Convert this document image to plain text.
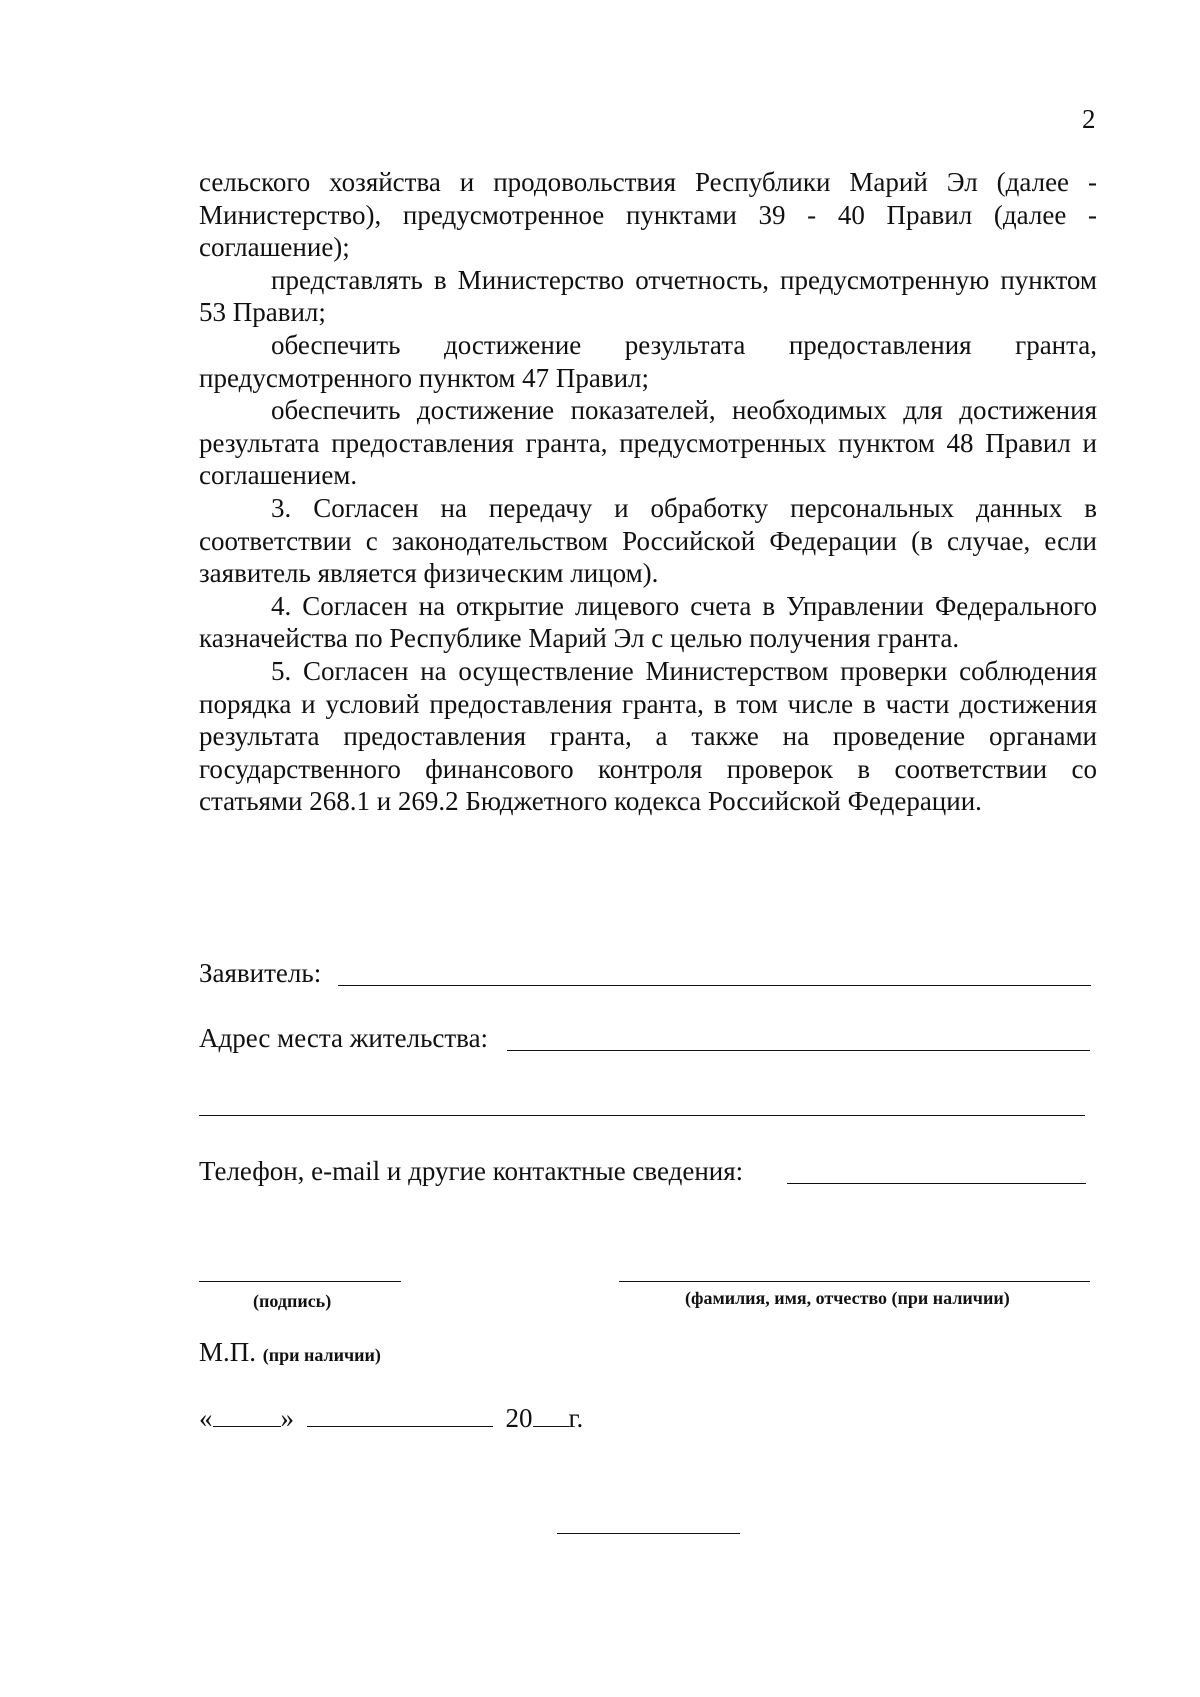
2

сельского хозяйства и продовольствия Республики Марий Эл (далее - Министерство), предусмотренное пунктами 39 - 40 Правил (далее - соглашение);

представлять в Министерство отчетность, предусмотренную пунктом 53 Правил;

обеспечить достижение результата предоставления гранта, предусмотренного пунктом 47 Правил;

обеспечить достижение показателей, необходимых для достижения результата предоставления гранта, предусмотренных пунктом 48 Правил и соглашением.

3. Согласен на передачу и обработку персональных данных в соответствии с законодательством Российской Федерации (в случае, если заявитель является физическим лицом).

4. Согласен на открытие лицевого счета в Управлении Федерального казначейства по Республике Марий Эл с целью получения гранта.

5. Согласен на осуществление Министерством проверки соблюдения порядка и условий предоставления гранта, в том числе в части достижения результата предоставления гранта, а также на проведение органами государственного финансового контроля проверок в соответствии со статьями 268.1 и 269.2 Бюджетного кодекса Российской Федерации.

Заявитель:
Адрес места жительства:
Телефон, e-mail и другие контактные сведения:
(подпись)	(фамилия, имя, отчество (при наличии)
М.П. (при наличии)
«	»	20 г.
